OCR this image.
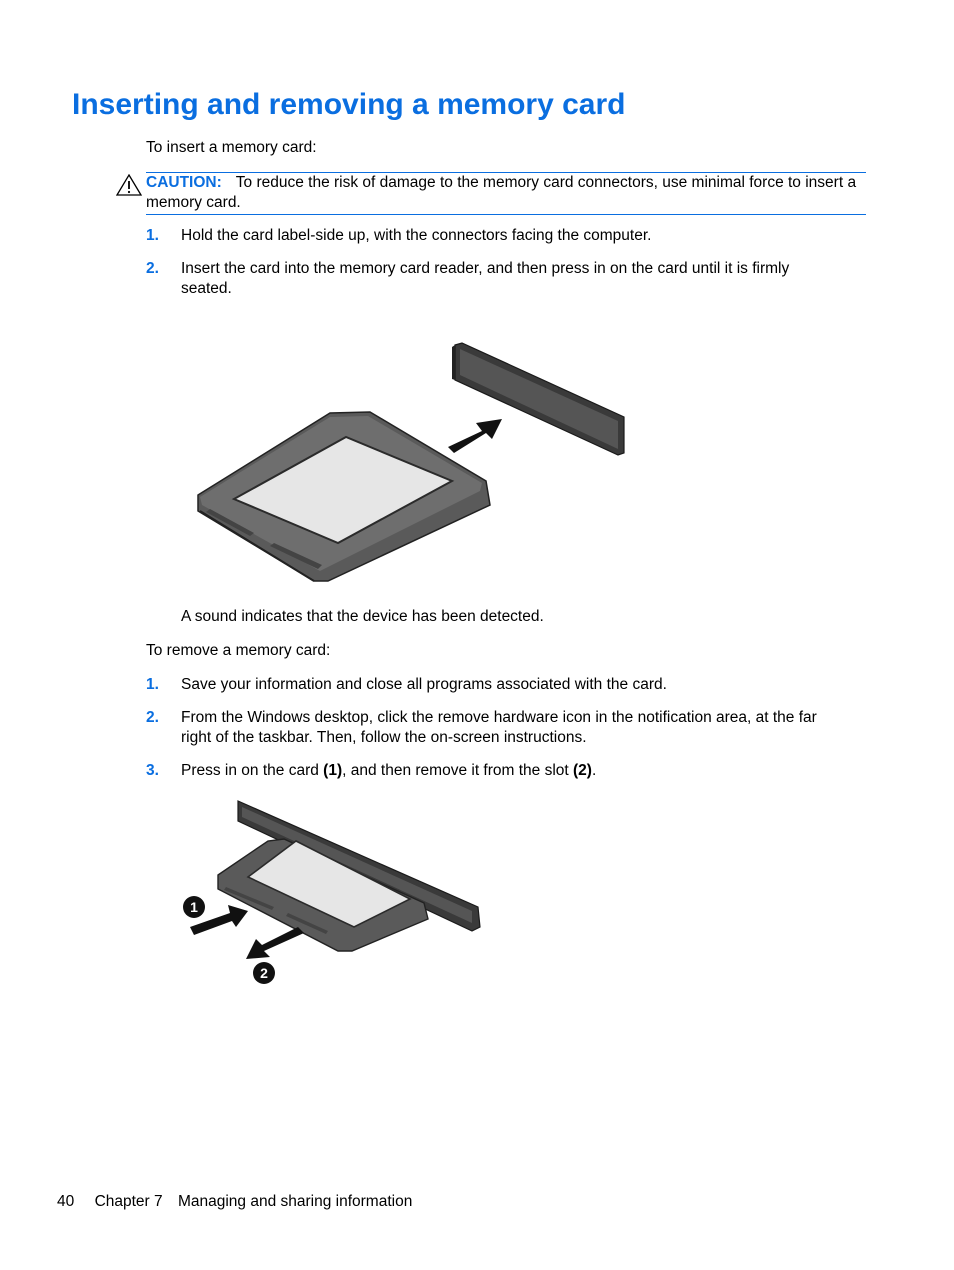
Inserting and removing a memory card
To insert a memory card:
CAUTION: To reduce the risk of damage to the memory card connectors, use minimal force to insert a memory card.
1. Hold the card label-side up, with the connectors facing the computer.
2. Insert the card into the memory card reader, and then press in on the card until it is firmly seated.
A sound indicates that the device has been detected.
To remove a memory card:
1. Save your information and close all programs associated with the card.
2. From the Windows desktop, click the remove hardware icon in the notification area, at the far right of the taskbar. Then, follow the on-screen instructions.
3. Press in on the card (1), and then remove it from the slot (2).
1
2
40 Chapter 7 Managing and sharing information
